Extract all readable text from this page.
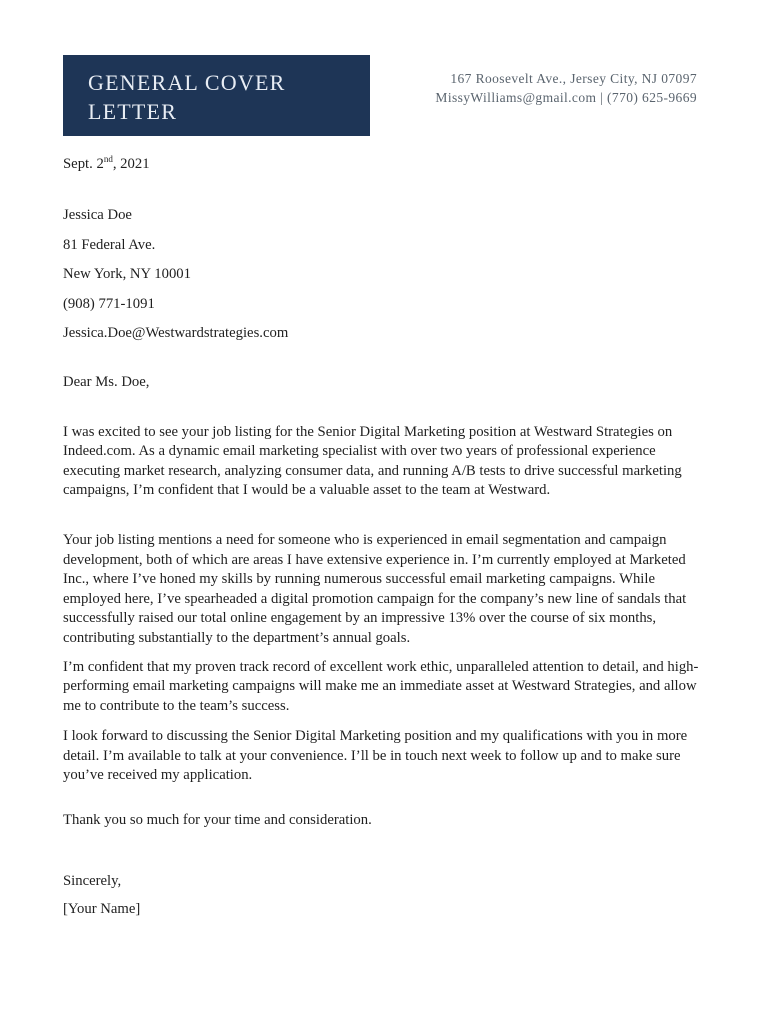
GENERAL COVER LETTER
167 Roosevelt Ave., Jersey City, NJ 07097
MissyWilliams@gmail.com | (770) 625-9669
Sept. 2nd, 2021
Jessica Doe
81 Federal Ave.
New York, NY 10001
(908) 771-1091
Jessica.Doe@Westwardstrategies.com

Dear Ms. Doe,

I was excited to see your job listing for the Senior Digital Marketing position at Westward Strategies on Indeed.com. As a dynamic email marketing specialist with over two years of professional experience executing market research, analyzing consumer data, and running A/B tests to drive successful marketing campaigns, I’m confident that I would be a valuable asset to the team at Westward.

Your job listing mentions a need for someone who is experienced in email segmentation and campaign development, both of which are areas I have extensive experience in. I’m currently employed at Marketed Inc., where I’ve honed my skills by running numerous successful email marketing campaigns. While employed here, I’ve spearheaded a digital promotion campaign for the company’s new line of sandals that successfully raised our total online engagement by an impressive 13% over the course of six months, contributing substantially to the department’s annual goals.

I’m confident that my proven track record of excellent work ethic, unparalleled attention to detail, and high-performing email marketing campaigns will make me an immediate asset at Westward Strategies, and allow me to contribute to the team’s success.

I look forward to discussing the Senior Digital Marketing position and my qualifications with you in more detail. I’m available to talk at your convenience. I’ll be in touch next week to follow up and to make sure you’ve received my application.

Thank you so much for your time and consideration.

Sincerely,

[Your Name]
